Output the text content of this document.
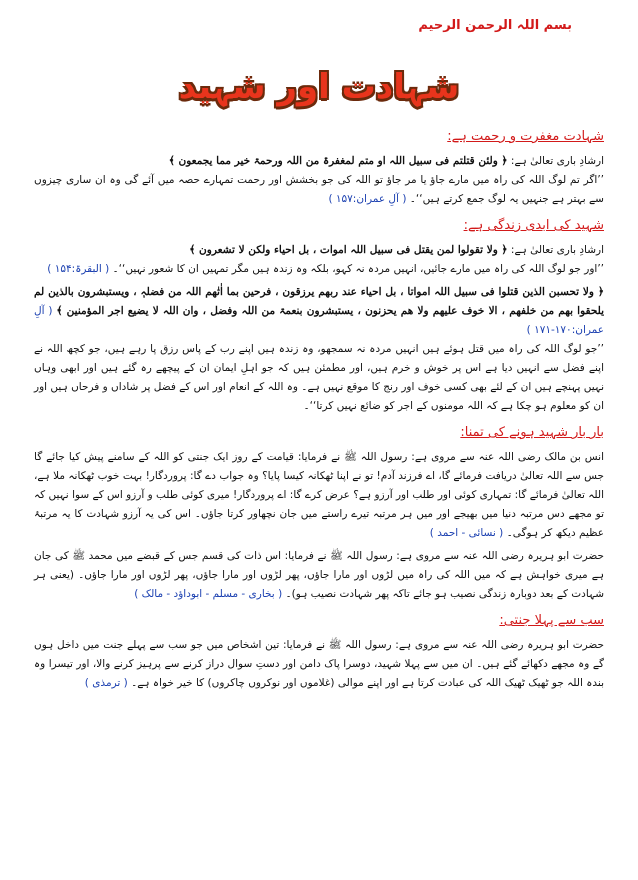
بسم اللہ الرحمن الرحیم
شہادت اور شہید
شہادت مغفرت و رحمت ہے:

ارشادِ باری تعالیٰ ہے: ﴿ ولئن قتلتم فی سبیل اللہ او متم لمغفرۃ من اللہ ورحمۃ خیر مما یجمعون ﴾

’’اگر تم لوگ اللہ کی راہ میں مارے جاؤ یا مر جاؤ تو اللہ کی جو بخشش اور رحمت تمہارے حصہ میں آئے گی وہ ان ساری چیزوں سے بہتر ہے جنہیں یہ لوگ جمع کرتے ہیں‘‘۔ ( آلِ عمران:۱۵۷ )

شہید کی ابدی زندگی ہے:

ارشادِ باری تعالیٰ ہے: ﴿ ولا تقولوا لمن یقتل فی سبیل اللہ اموات ، بل احیاء ولکن لا تشعرون ﴾

’’اور جو لوگ اللہ کی راہ میں مارے جائیں، انہیں مردہ نہ کہو، بلکہ وہ زندہ ہیں مگر تمہیں ان کا شعور نہیں‘‘۔ ( البقرۃ:۱۵۴ )

﴿ ولا تحسبن الذین قتلوا فی سبیل اللہ امواتا ، بل احیاء عند ربھم یرزقون ، فرحین بما اٰتٰھم اللہ من فضلہٖ ، ویستبشرون بالذین لم یلحقوا بھم من خلفھم ، الا خوف علیھم ولا ھم یحزنون ، یستبشرون بنعمۃ من اللہ وفضل ، وان اللہ لا یضیع اجر المؤمنین ﴾ ( آلِ عمران:۱۷۰-۱۷۱ )

’’جو لوگ اللہ کی راہ میں قتل ہوئے ہیں انہیں مردہ نہ سمجھو، وہ زندہ ہیں اپنے رب کے پاس رزق پا رہے ہیں، جو کچھ اللہ نے اپنے فضل سے انہیں دیا ہے اس پر خوش و خرم ہیں، اور مطمئن ہیں کہ جو اہلِ ایمان ان کے پیچھے رہ گئے ہیں اور ابھی وہاں نہیں پہنچے ہیں ان کے لئے بھی کسی خوف اور رنج کا موقع نہیں ہے۔ وہ اللہ کے انعام اور اس کے فضل پر شاداں و فرحاں ہیں اور ان کو معلوم ہو چکا ہے کہ اللہ مومنوں کے اجر کو ضائع نہیں کرتا‘‘۔

بار بار شہید ہونے کی تمنا:

انس بن مالک رضی اللہ عنہ سے مروی ہے: رسول اللہ ﷺ نے فرمایا: قیامت کے روز ایک جنتی کو اللہ کے سامنے پیش کیا جائے گا جس سے اللہ تعالیٰ دریافت فرمائے گا، اے فرزند آدم! تو نے اپنا ٹھکانہ کیسا پایا؟ وہ جواب دے گا: پروردگار! بہت خوب ٹھکانہ ملا ہے، اللہ تعالیٰ فرمائے گا: تمہاری کوئی اور طلب اور آرزو ہے؟ عرض کرے گا: اے پروردگار! میری کوئی طلب و آرزو اس کے سوا نہیں کہ تو مجھے دس مرتبہ دنیا میں بھیجے اور میں ہر مرتبہ تیرے راستے میں جان نچھاور کرتا جاؤں۔ اس کی یہ آرزو شہادت کا یہ مرتبۂ عظیم دیکھ کر ہوگی۔ ( نسائی - احمد )

حضرت ابو ہریرہ رضی اللہ عنہ سے مروی ہے: رسول اللہ ﷺ نے فرمایا: اس ذات کی قسم جس کے قبضے میں محمد ﷺ کی جان ہے میری خواہش ہے کہ میں اللہ کی راہ میں لڑوں اور مارا جاؤں، پھر لڑوں اور مارا جاؤں، پھر لڑوں اور مارا جاؤں۔ (یعنی ہر شہادت کے بعد دوبارہ زندگی نصیب ہو جائے تاکہ پھر شہادت نصیب ہو)۔ ( بخاری - مسلم - ابوداؤد - مالک )

سب سے پہلا جنتی:

حضرت ابو ہریرہ رضی اللہ عنہ سے مروی ہے: رسول اللہ ﷺ نے فرمایا: تین اشخاص میں جو سب سے پہلے جنت میں داخل ہوں گے وہ مجھے دکھائے گئے ہیں۔ ان میں سے پہلا شہید، دوسرا پاک دامن اور دستِ سوال دراز کرنے سے پرہیز کرنے والا، اور تیسرا وہ بندہ اللہ جو ٹھیک ٹھیک اللہ کی عبادت کرتا ہے اور اپنے موالی (غلاموں اور نوکروں چاکروں) کا خیر خواہ ہے۔ ( ترمذی )
